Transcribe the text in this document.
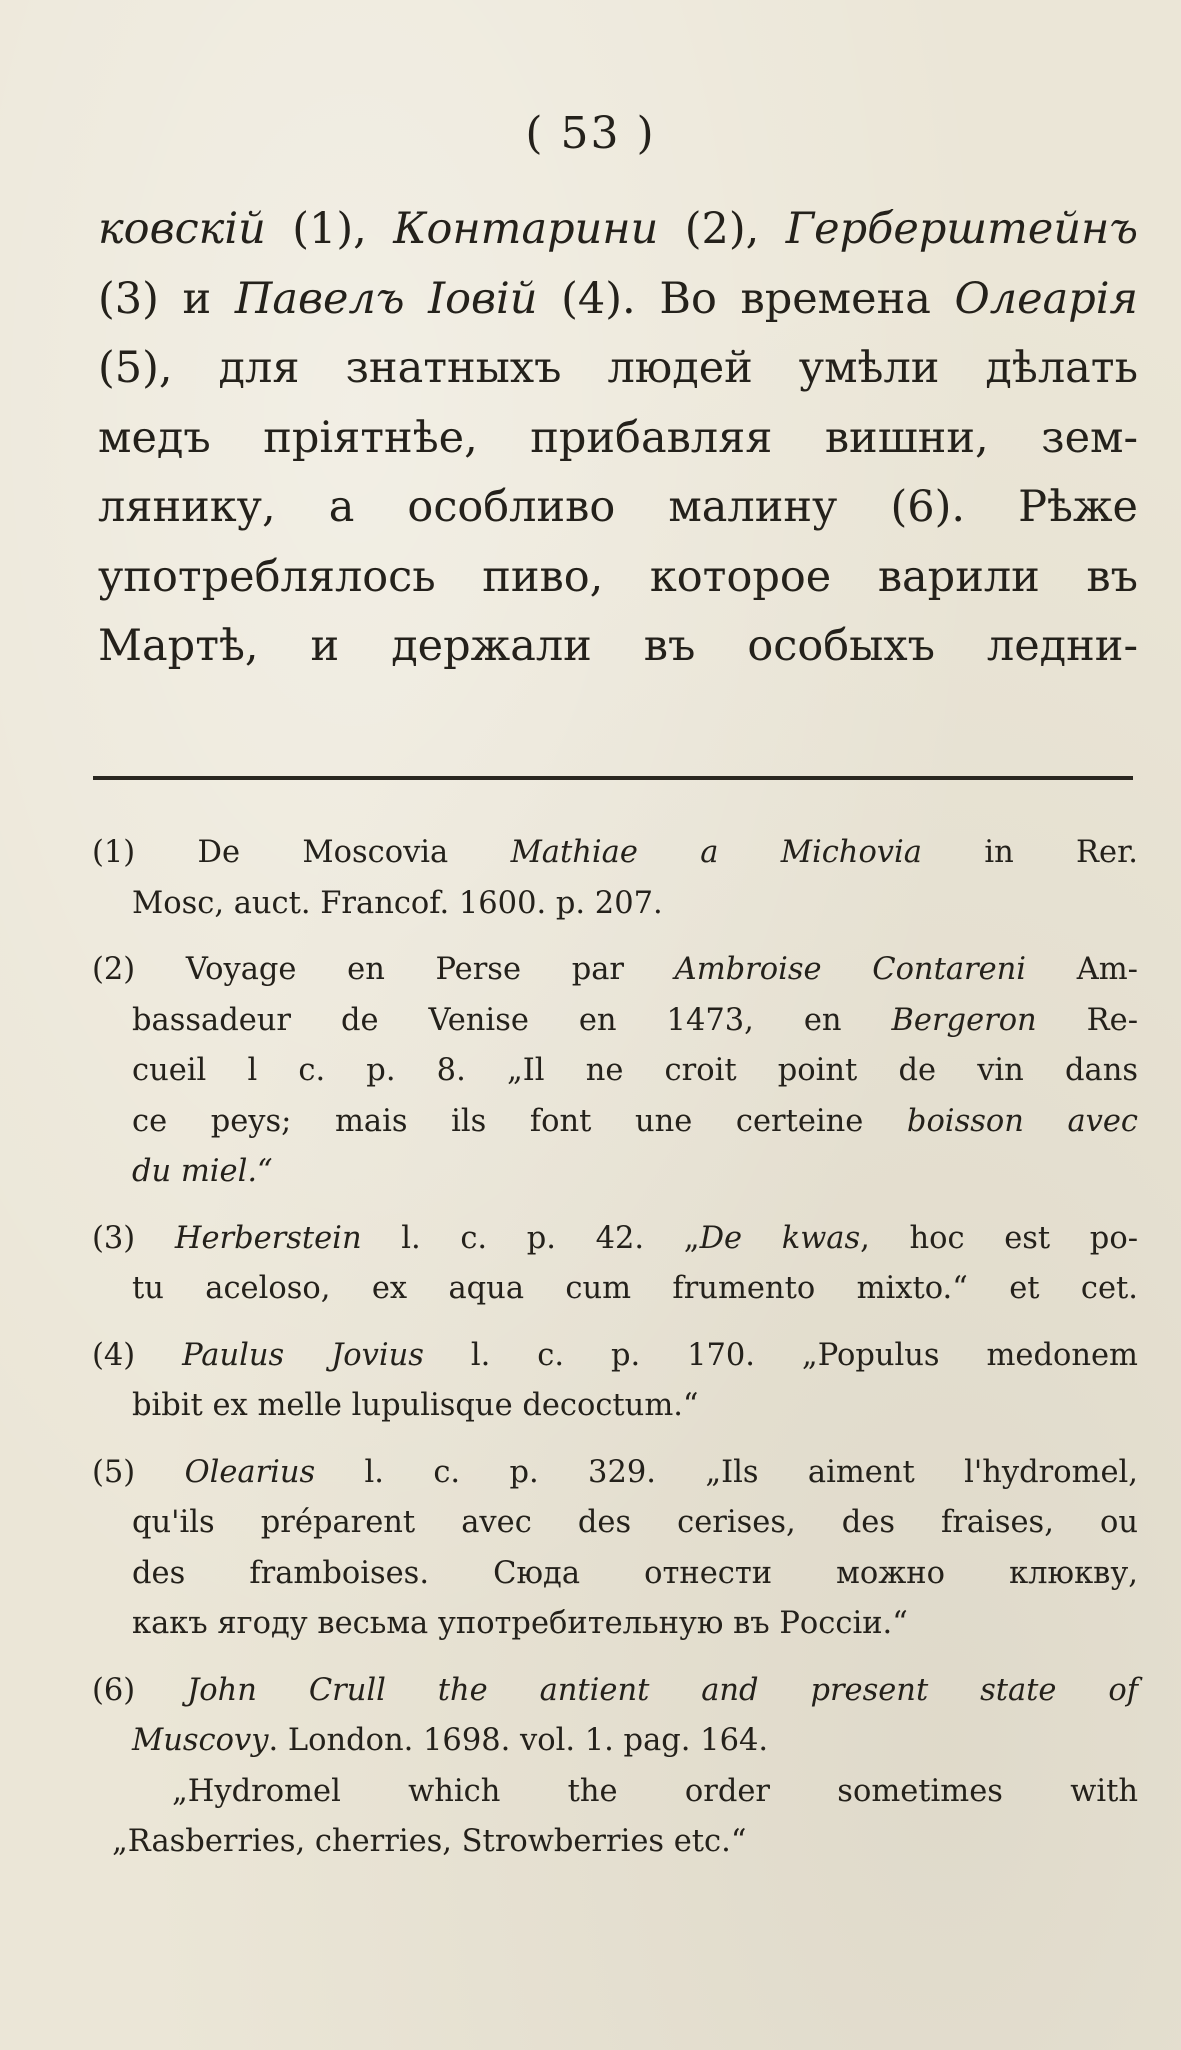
( 53 )
ковскій (1), Контарини (2), Герберштейнъ
(3) и Павелъ Іовій (4). Во времена Олеарія
(5), для знатныхъ людей умѣли дѣлать
медъ пріятнѣе, прибавляя вишни, зем-
лянику, а особливо малину (6). Рѣже
употреблялось пиво, которое варили въ
Мартѣ, и держали въ особыхъ ледни-
(1) De Moscovia Mathiae a Michovia in Rer.
Mosc, auct. Francof. 1600. p. 207.
(2) Voyage en Perse par Ambroise Contareni Am-
bassadeur de Venise en 1473, en Bergeron Re-
cueil l c. p. 8. „Il ne croit point de vin dans
ce peys; mais ils font une certeine boisson avec
du miel.“
(3) Herberstein l. c. p. 42. „De kwas, hoc est po-
tu aceloso, ex aqua cum frumento mixto.“ et cet.
(4) Paulus Jovius l. c. p. 170. „Populus medonem
bibit ex melle lupulisque decoctum.“
(5) Olearius l. c. p. 329. „Ils aiment l'hydromel,
qu'ils préparent avec des cerises, des fraises, ou
des framboises. Сюда отнести можно клюкву,
какъ ягоду весьма употребительную въ Россіи.“
(6) John Crull the antient and present state of
Muscovy. London. 1698. vol. 1. pag. 164.
„Hydromel which the order sometimes with
„Rasberries, cherries, Strowberries etc.“
